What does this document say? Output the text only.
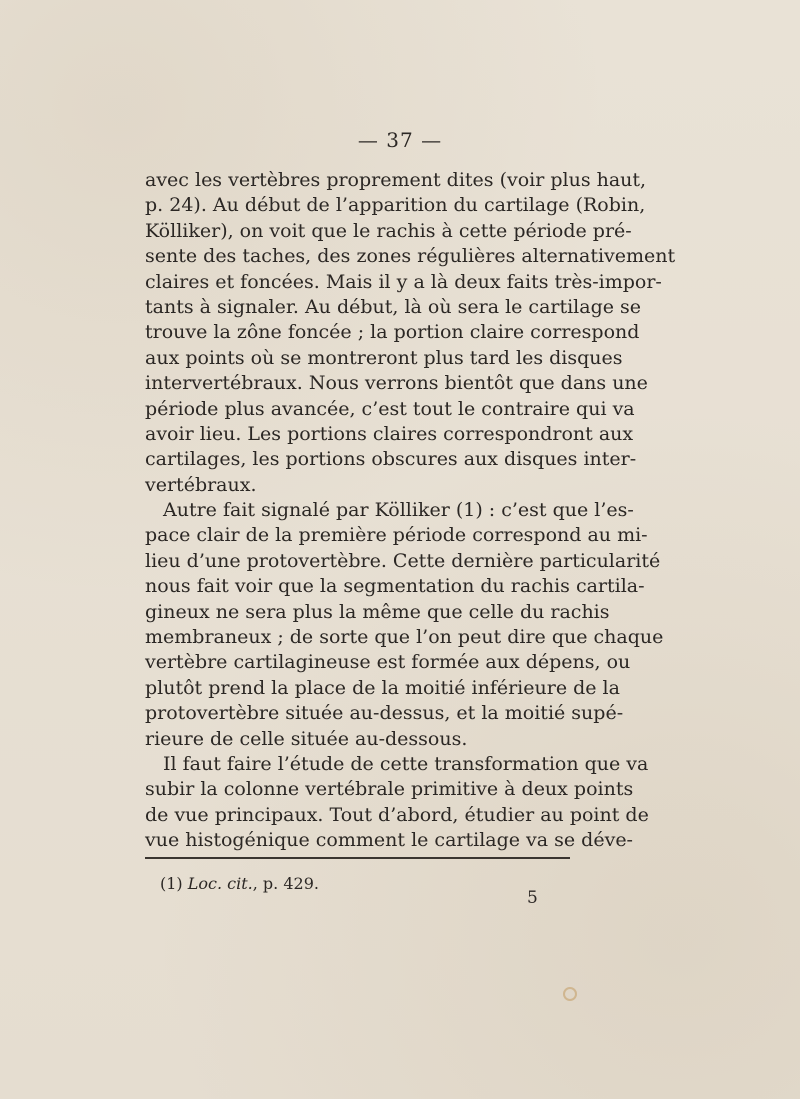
— 37 —
avec les vertèbres proprement dites (voir plus haut,
p. 24). Au début de l’apparition du cartilage (Robin,
Kölliker), on voit que le rachis à cette période pré-
sente des taches, des zones régulières alternativement
claires et foncées. Mais il y a là deux faits très-impor-
tants à signaler. Au début, là où sera le cartilage se
trouve la zône foncée ; la portion claire correspond
aux points où se montreront plus tard les disques
intervertébraux. Nous verrons bientôt que dans une
période plus avancée, c’est tout le contraire qui va
avoir lieu. Les portions claires correspondront aux
cartilages, les portions obscures aux disques inter-
vertébraux.
Autre fait signalé par Kölliker (1) : c’est que l’es-
pace clair de la première période correspond au mi-
lieu d’une protovertèbre. Cette dernière particularité
nous fait voir que la segmentation du rachis cartila-
gineux ne sera plus la même que celle du rachis
membraneux ; de sorte que l’on peut dire que chaque
vertèbre cartilagineuse est formée aux dépens, ou
plutôt prend la place de la moitié inférieure de la
protovertèbre située au-dessus, et la moitié supé-
rieure de celle située au-dessous.
Il faut faire l’étude de cette transformation que va
subir la colonne vertébrale primitive à deux points
de vue principaux. Tout d’abord, étudier au point de
vue histogénique comment le cartilage va se déve-
(1) Loc. cit., p. 429.
5
